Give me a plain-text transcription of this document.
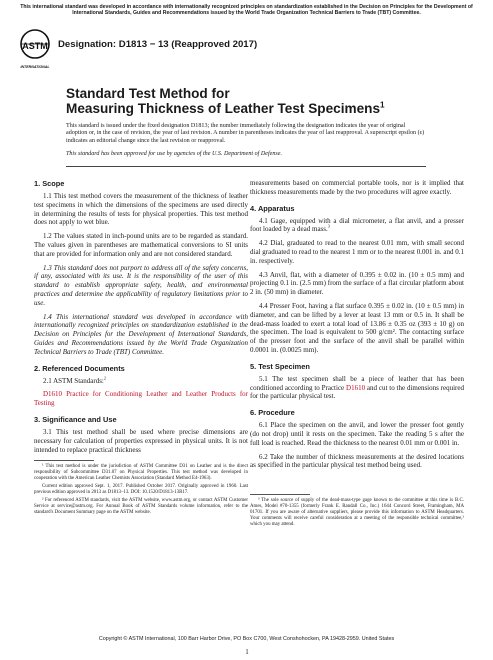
This international standard was developed in accordance with internationally recognized principles on standardization established in the Decision on Principles for the Development of International Standards, Guides and Recommendations issued by the World Trade Organization Technical Barriers to Trade (TBT) Committee.
ASTM
INTERNATIONAL
Designation: D1813 − 13 (Reapproved 2017)

Standard Test Method for

Measuring Thickness of Leather Test Specimens$^1$

This standard is issued under the fixed designation D1813; the number immediately following the designation indicates the year of original adoption or, in the case of revision, the year of last revision. A number in parentheses indicates the year of last reapproval. A superscript epsilon (ε) indicates an editorial change since the last revision or reapproval.

This standard has been approved for use by agencies of the U.S. Department of Defense.

1. Scope

1.1 This test method covers the measurement of the thickness of leather test specimens in which the dimensions of the specimens are used directly in determining the results of tests for physical properties. This test method does not apply to wet blue.

1.2 The values stated in inch-pound units are to be regarded as standard. The values given in parentheses are mathematical conversions to SI units that are provided for information only and are not considered standard.

1.3 This standard does not purport to address all of the safety concerns, if any, associated with its use. It is the responsibility of the user of this standard to establish appropriate safety, health, and environmental practices and determine the applicability of regulatory limitations prior to use.

1.4 This international standard was developed in accordance with internationally recognized principles on standardization established in the Decision on Principles for the Development of International Standards, Guides and Recommendations issued by the World Trade Organization Technical Barriers to Trade (TBT) Committee.

2. Referenced Documents

2.1 ASTM Standards:$^2$

D1610 Practice for Conditioning Leather and Leather Products for Testing

3. Significance and Use

3.1 This test method shall be used where precise dimensions are necessary for calculation of properties expressed in physical units. It is not intended to replace practical thickness

¹ This test method is under the jurisdiction of ASTM Committee D31 on Leather and is the direct responsibility of Subcommittee D31.07 on Physical Properties. This test method was developed in cooperation with the American Leather Chemists Association (Standard Method E4-1963).

Current edition approved Sept. 1, 2017. Published October 2017. Originally approved in 1960. Last previous edition approved in 2013 as D1813–13. DOI: 10.1520/D1813-13R17.

² For referenced ASTM standards, visit the ASTM website, www.astm.org, or contact ASTM Customer Service at service@astm.org. For Annual Book of ASTM Standards volume information, refer to the standard's Document Summary page on the ASTM website.

measurements based on commercial portable tools, nor is it implied that thickness measurements made by the two procedures will agree exactly.

4. Apparatus

4.1 Gage, equipped with a dial micrometer, a flat anvil, and a presser foot loaded by a dead mass.$^3$

4.2 Dial, graduated to read to the nearest 0.01 mm, with small second dial graduated to read to the nearest 1 mm or to the nearest 0.001 in. and 0.1 in. respectively.

4.3 Anvil, flat, with a diameter of 0.395 ± 0.02 in. (10 ± 0.5 mm) and projecting 0.1 in. (2.5 mm) from the surface of a flat circular platform about 2 in. (50 mm) in diameter.

4.4 Presser Foot, having a flat surface 0.395 ± 0.02 in. (10 ± 0.5 mm) in diameter, and can be lifted by a lever at least 13 mm or 0.5 in. It shall be dead-mass loaded to exert a total load of 13.86 ± 0.35 oz (393 ± 10 g) on the specimen. The load is equivalent to 500 g/cm². The contacting surface of the presser foot and the surface of the anvil shall be parallel within 0.0001 in. (0.0025 mm).

5. Test Specimen

5.1 The test specimen shall be a piece of leather that has been conditioned according to Practice D1610 and cut to the dimensions required for the particular physical test.

6. Procedure

6.1 Place the specimen on the anvil, and lower the presser foot gently (do not drop) until it rests on the specimen. Take the reading 5 s after the full load is reached. Read the thickness to the nearest 0.01 mm or 0.001 in.

6.2 Take the number of thickness measurements at the desired locations as specified in the particular physical test method being used.

³ The sole source of supply of the dead-mass-type gage known to the committee at this time is B.C. Ames, Model #70-1355 (formerly Frank E. Randall Co., Inc.) 1644 Concord Street, Framingham, MA 01701. If you are aware of alternative suppliers, please provide this information to ASTM Headquarters. Your comments will receive careful consideration at a meeting of the responsible technical committee,¹ which you may attend.

Copyright © ASTM International, 100 Barr Harbor Drive, PO Box C700, West Conshohocken, PA 19428-2959. United States
1
